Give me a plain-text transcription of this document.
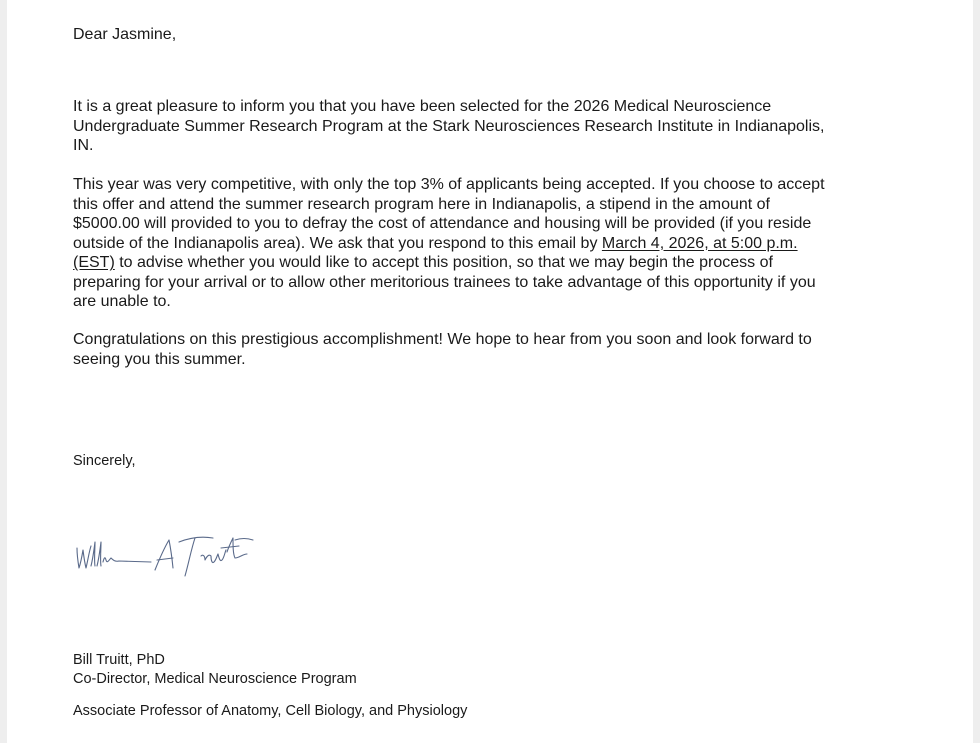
Dear Jasmine,

It is a great pleasure to inform you that you have been selected for the 2026 Medical Neuroscience
Undergraduate Summer Research Program at the Stark Neurosciences Research Institute in Indianapolis,
IN.

This year was very competitive, with only the top 3% of applicants being accepted. If you choose to accept
this offer and attend the summer research program here in Indianapolis, a stipend in the amount of
$5000.00 will provided to you to defray the cost of attendance and housing will be provided (if you reside
outside of the Indianapolis area). We ask that you respond to this email by March 4, 2026, at 5:00 p.m.
(EST) to advise whether you would like to accept this position, so that we may begin the process of
preparing for your arrival or to allow other meritorious trainees to take advantage of this opportunity if you
are unable to.

Congratulations on this prestigious accomplishment! We hope to hear from you soon and look forward to
seeing you this summer.

Sincerely,

Bill Truitt, PhD
Co-Director, Medical Neuroscience Program

Associate Professor of Anatomy, Cell Biology, and Physiology
